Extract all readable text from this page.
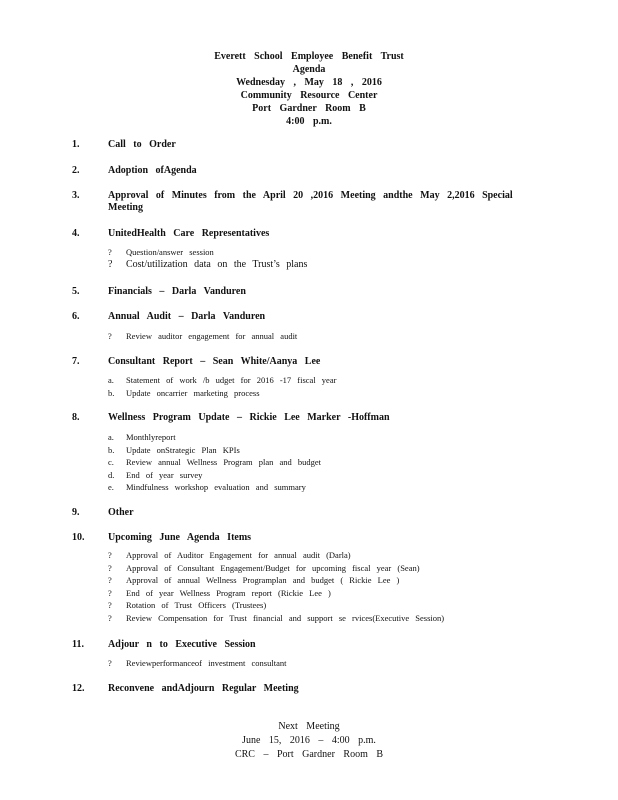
Everett School Employee Benefit Trust
Agenda
Wednesday , May 18 , 2016
Community Resource Center
Port Gardner Room B
4:00 p.m.
1.	Call to Order
2.	Adoption ofAgenda
3.	Approval of Minutes from the April 20 ,2016 Meeting andthe May 2,2016 Special Meeting
4.	UnitedHealth Care Representatives
? Question/answer session
? Cost/utilization data on the Trust’s plans
5.	Financials – Darla Vanduren
6.	Annual Audit – Darla Vanduren
? Review auditor engagement for annual audit
7.	Consultant Report – Sean White/Aanya Lee
a. Statement of work /b udget for 2016 -17 fiscal year
b. Update oncarrier marketing process
8.	Wellness Program Update – Rickie Lee Marker -Hoffman
a. Monthlyreport
b. Update onStrategic Plan KPIs
c. Review annual Wellness Program plan and budget
d. End of year survey
e. Mindfulness workshop evaluation and summary
9.	Other
10. Upcoming June Agenda Items
? Approval of Auditor Engagement for annual audit (Darla)
? Approval of Consultant Engagement/Budget for upcoming fiscal year (Sean)
? Approval of annual Wellness Programplan and budget ( Rickie Lee )
? End of year Wellness Program report (Rickie Lee )
? Rotation of Trust Officers (Trustees)
? Review Compensation for Trust financial and support se rvices(Executive Session)
11. Adjour n to Executive Session
? Reviewperformanceof investment consultant
12. Reconvene andAdjourn Regular Meeting
Next Meeting
June 15, 2016 – 4:00 p.m.
CRC – Port Gardner Room B
